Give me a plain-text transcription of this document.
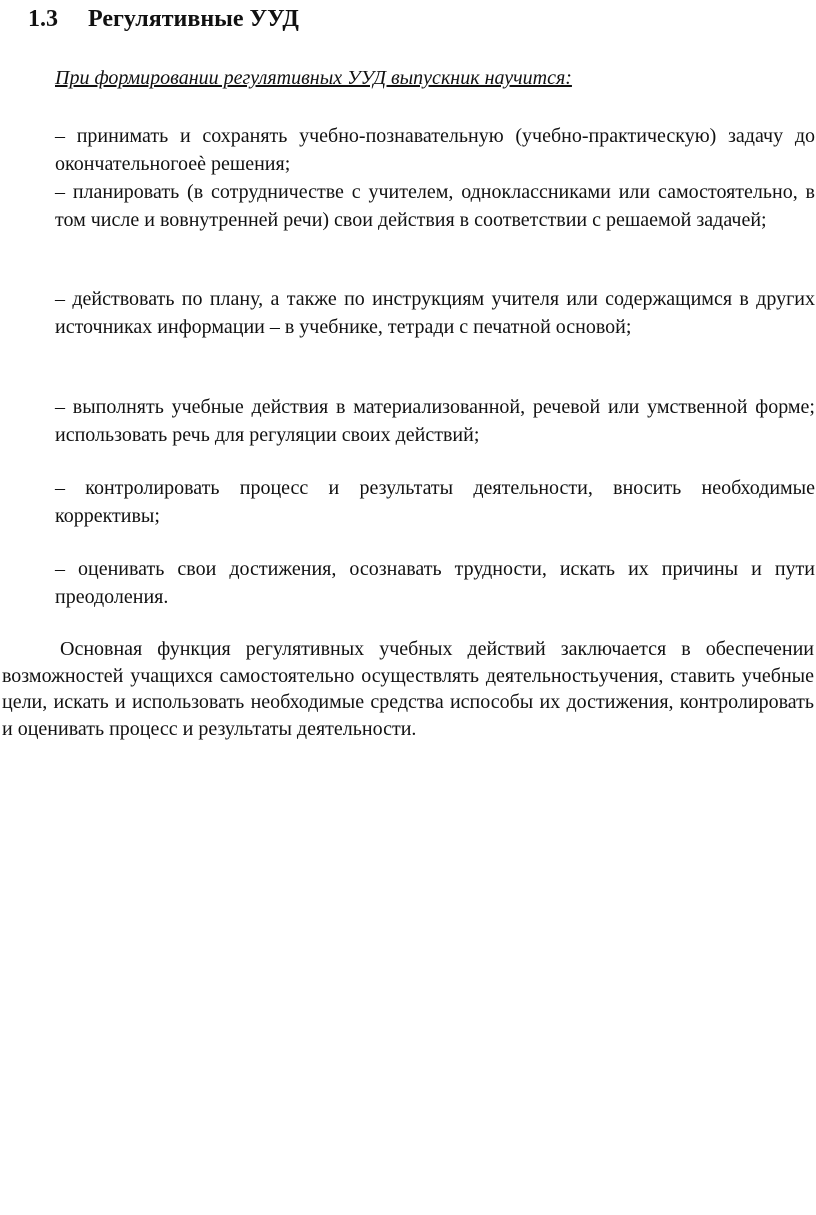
1.3 Регулятивные УУД

При формировании регулятивных УУД выпускник научится:

– принимать и сохранять учебно-познавательную (учебно-практическую) задачу до окончательногоеѐ решения;

– планировать (в сотрудничестве с учителем, одноклассниками или самостоятельно, в том числе и вовнутренней речи) свои действия в соответствии с решаемой задачей;

– действовать по плану, а также по инструкциям учителя или содержащимся в других источниках информации – в учебнике, тетради с печатной основой;

– выполнять учебные действия в материализованной, речевой или умственной форме; использовать речь для регуляции своих действий;

– контролировать процесс и результаты деятельности, вносить необходимые коррективы;

– оценивать свои достижения, осознавать трудности, искать их причины и пути преодоления.

Основная функция регулятивных учебных действий заключается в обеспечении возможностей учащихся самостоятельно осуществлять деятельностьучения, ставить учебные цели, искать и использовать необходимые средства испособы их достижения, контролировать и оценивать процесс и результаты деятельности.
